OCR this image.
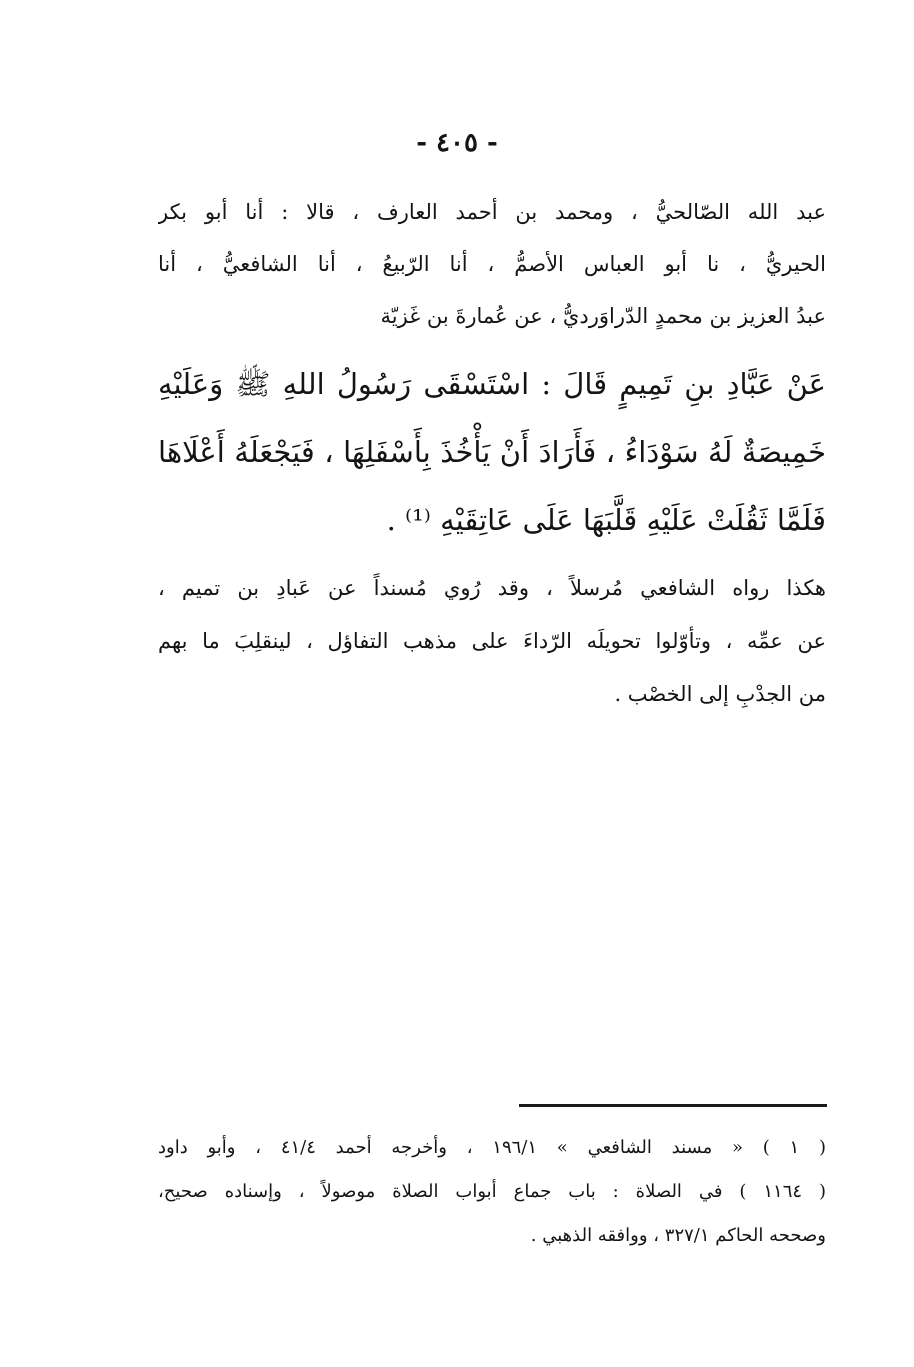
- ٤٠٥ -
عبد الله الصّالحيُّ ، ومحمد بن أحمد العارف ، قالا : أنا أبو بكر
الحيريُّ ، نا أبو العباس الأصمُّ ، أنا الرّبيعُ ، أنا الشافعيُّ ، أنا
عبدُ العزيز بن محمدٍ الدّراوَرديُّ ، عن عُمارةَ بن غَزيّة
عَنْ عَبَّادِ بنِ تَمِيمٍ قَالَ : اسْتَسْقَى رَسُولُ اللهِ ﷺ وَعَلَيْهِ
خَمِيصَةٌ لَهُ سَوْدَاءُ ، فَأَرَادَ أَنْ يَأْخُذَ بِأَسْفَلِهَا ، فَيَجْعَلَهُ أَعْلَاهَا
فَلَمَّا ثَقُلَتْ عَلَيْهِ قَلَّبَهَا عَلَى عَاتِقَيْهِ ⁽¹⁾ .
هكذا رواه الشافعي مُرسلاً ، وقد رُوي مُسنداً عن عَبادِ بن تميم ،
عن عمِّه ، وتأوّلوا تحويلَه الرّداءَ على مذهب التفاؤل ، لينقلِبَ ما بهم
من الجدْبِ إلى الخصْب .
( ١ ) « مسند الشافعي » ١٩٦/١ ، وأخرجه أحمد ٤١/٤ ، وأبو داود
( ١١٦٤ ) في الصلاة : باب جماع أبواب الصلاة موصولاً ، وإسناده صحيح،
وصححه الحاكم ٣٢٧/١ ، ووافقه الذهبي .
